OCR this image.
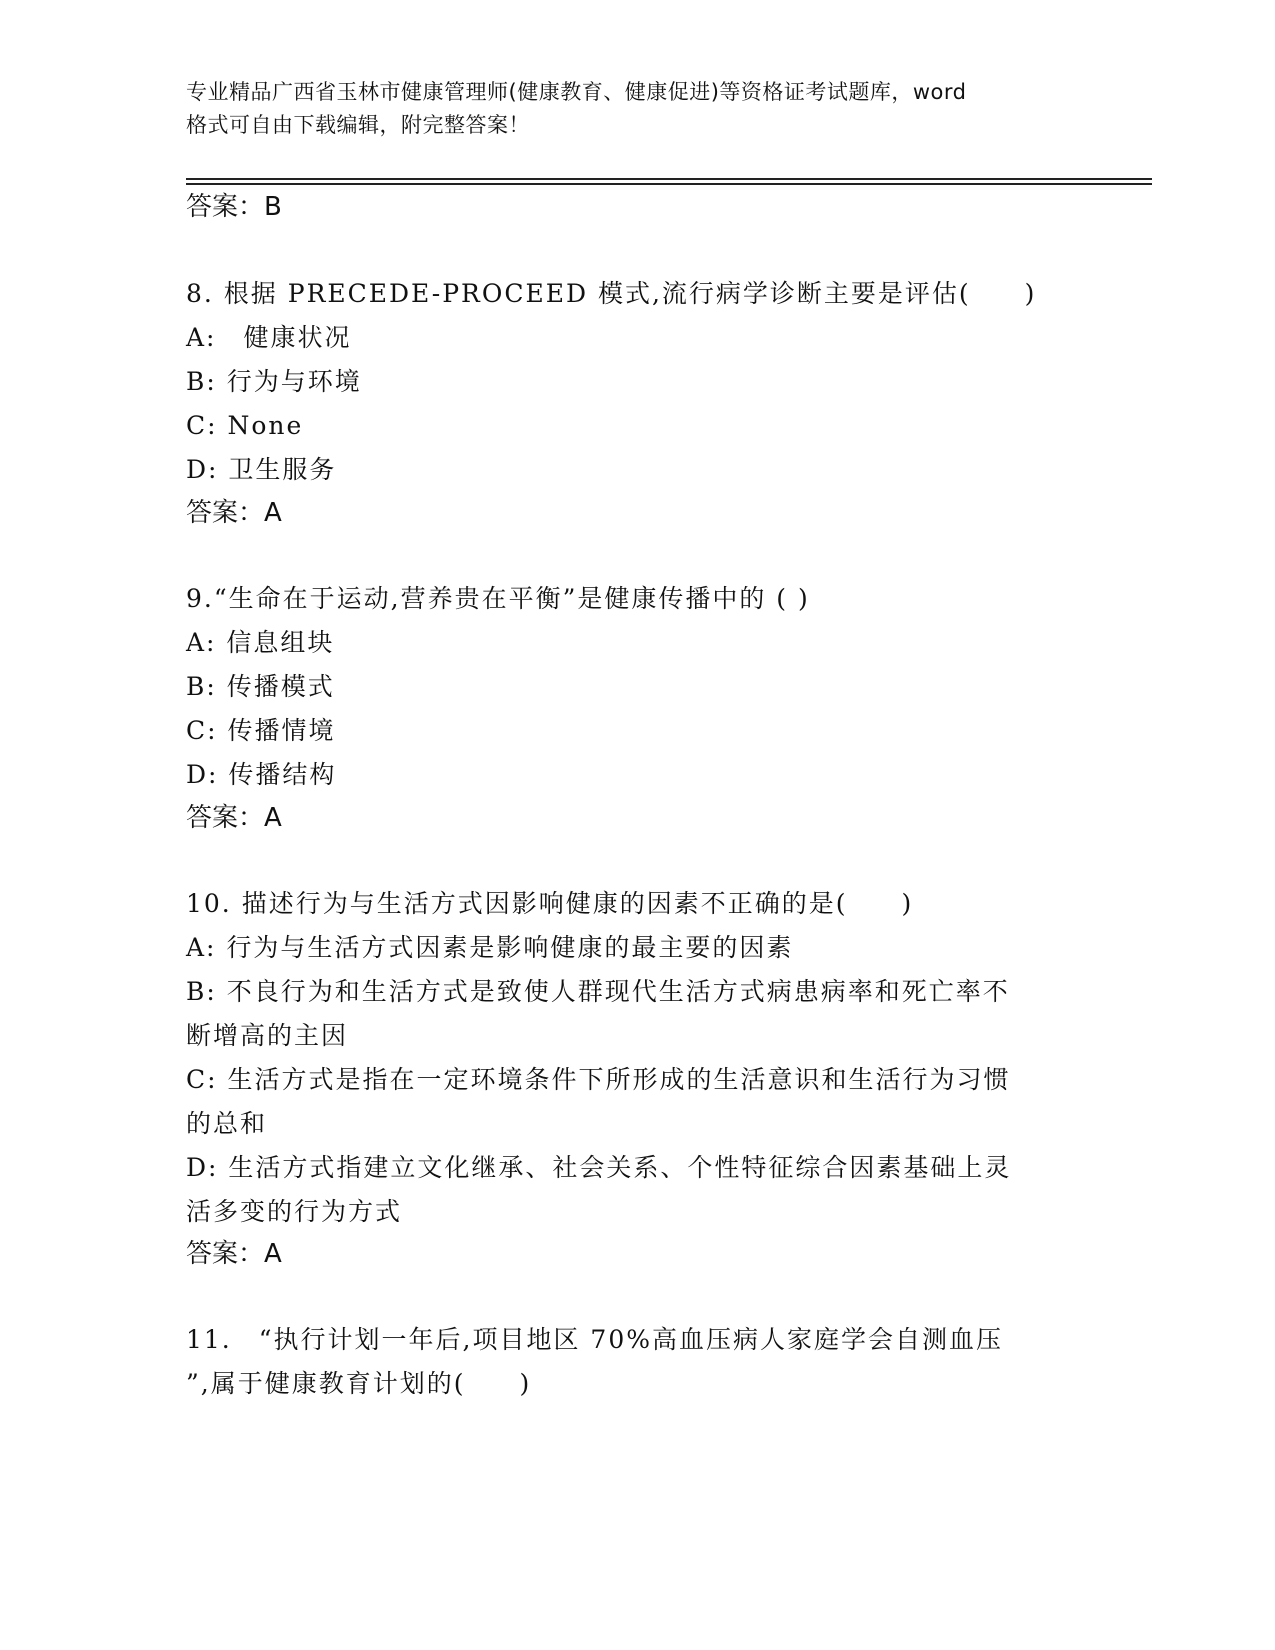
专业精品广西省玉林市健康管理师(健康教育、健康促进)等资格证考试题库，word
格式可自由下载编辑，附完整答案！
答案：B
8. 根据 PRECEDE-PROCEED 模式,流行病学诊断主要是评估(　　)
A:　健康状况
B: 行为与环境
C: None
D: 卫生服务
答案：A
9.“生命在于运动,营养贵在平衡”是健康传播中的 ( )
A: 信息组块
B: 传播模式
C: 传播情境
D: 传播结构
答案：A
10. 描述行为与生活方式因影响健康的因素不正确的是(　　)
A: 行为与生活方式因素是影响健康的最主要的因素
B: 不良行为和生活方式是致使人群现代生活方式病患病率和死亡率不
断增高的主因
C: 生活方式是指在一定环境条件下所形成的生活意识和生活行为习惯
的总和
D: 生活方式指建立文化继承、社会关系、个性特征综合因素基础上灵
活多变的行为方式
答案：A
11.　“执行计划一年后,项目地区 70%高血压病人家庭学会自测血压
”,属于健康教育计划的(　　)
